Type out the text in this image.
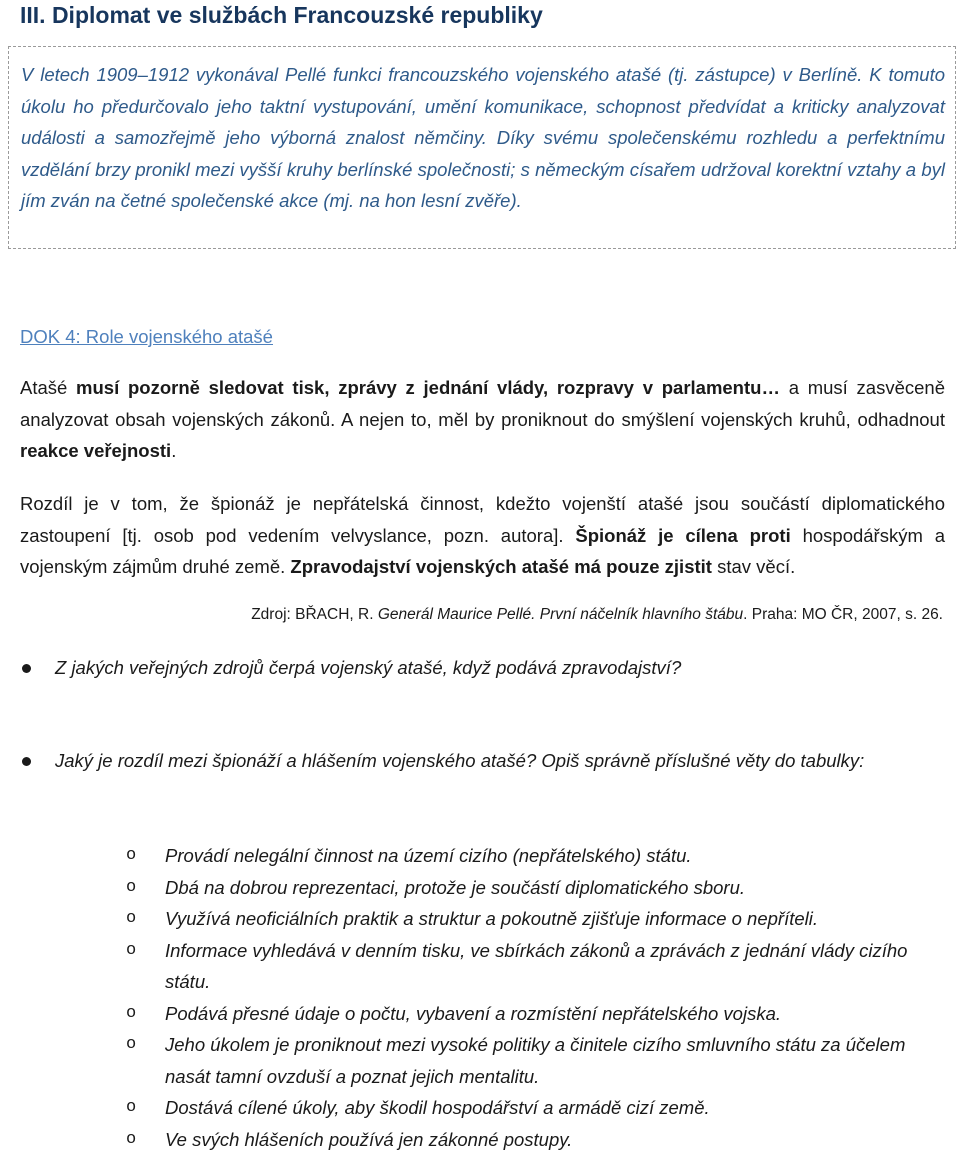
III. Diplomat ve službách Francouzské republiky

V letech 1909–1912 vykonával Pellé funkci francouzského vojenského atašé (tj. zástupce) v Berlíně. K tomuto úkolu ho předurčovalo jeho taktní vystupování, umění komunikace, schopnost předvídat a kriticky analyzovat události a samozřejmě jeho výborná znalost němčiny. Díky svému společenskému rozhledu a perfektnímu vzdělání brzy pronikl mezi vyšší kruhy berlínské společnosti; s německým císařem udržoval korektní vztahy a byl jím zván na četné společenské akce (mj. na hon lesní zvěře).

DOK 4: Role vojenského atašé

Atašé musí pozorně sledovat tisk, zprávy z jednání vlády, rozpravy v parlamentu… a musí zasvěceně analyzovat obsah vojenských zákonů. A nejen to, měl by proniknout do smýšlení vojenských kruhů, odhadnout reakce veřejnosti.

Rozdíl je v tom, že špionáž je nepřátelská činnost, kdežto vojenští atašé jsou součástí diplomatického zastoupení [tj. osob pod vedením velvyslance, pozn. autora]. Špionáž je cílena proti hospodářským a vojenským zájmům druhé země. Zpravodajství vojenských atašé má pouze zjistit stav věcí.

Zdroj: BŘACH, R. Generál Maurice Pellé. První náčelník hlavního štábu. Praha: MO ČR, 2007, s. 26.

Z jakých veřejných zdrojů čerpá vojenský atašé, když podává zpravodajství?

Jaký je rozdíl mezi špionáží a hlášením vojenského atašé? Opiš správně příslušné věty do tabulky:

o Provádí nelegální činnost na území cizího (nepřátelského) státu.
o Dbá na dobrou reprezentaci, protože je součástí diplomatického sboru.
o Využívá neoficiálních praktik a struktur a pokoutně zjišťuje informace o nepříteli.
o Informace vyhledává v denním tisku, ve sbírkách zákonů a zprávách z jednání vlády cizího státu.
o Podává přesné údaje o počtu, vybavení a rozmístění nepřátelského vojska.
o Jeho úkolem je proniknout mezi vysoké politiky a činitele cizího smluvního státu za účelem nasát tamní ovzduší a poznat jejich mentalitu.
o Dostává cílené úkoly, aby škodil hospodářství a armádě cizí země.
o Ve svých hlášeních používá jen zákonné postupy.
